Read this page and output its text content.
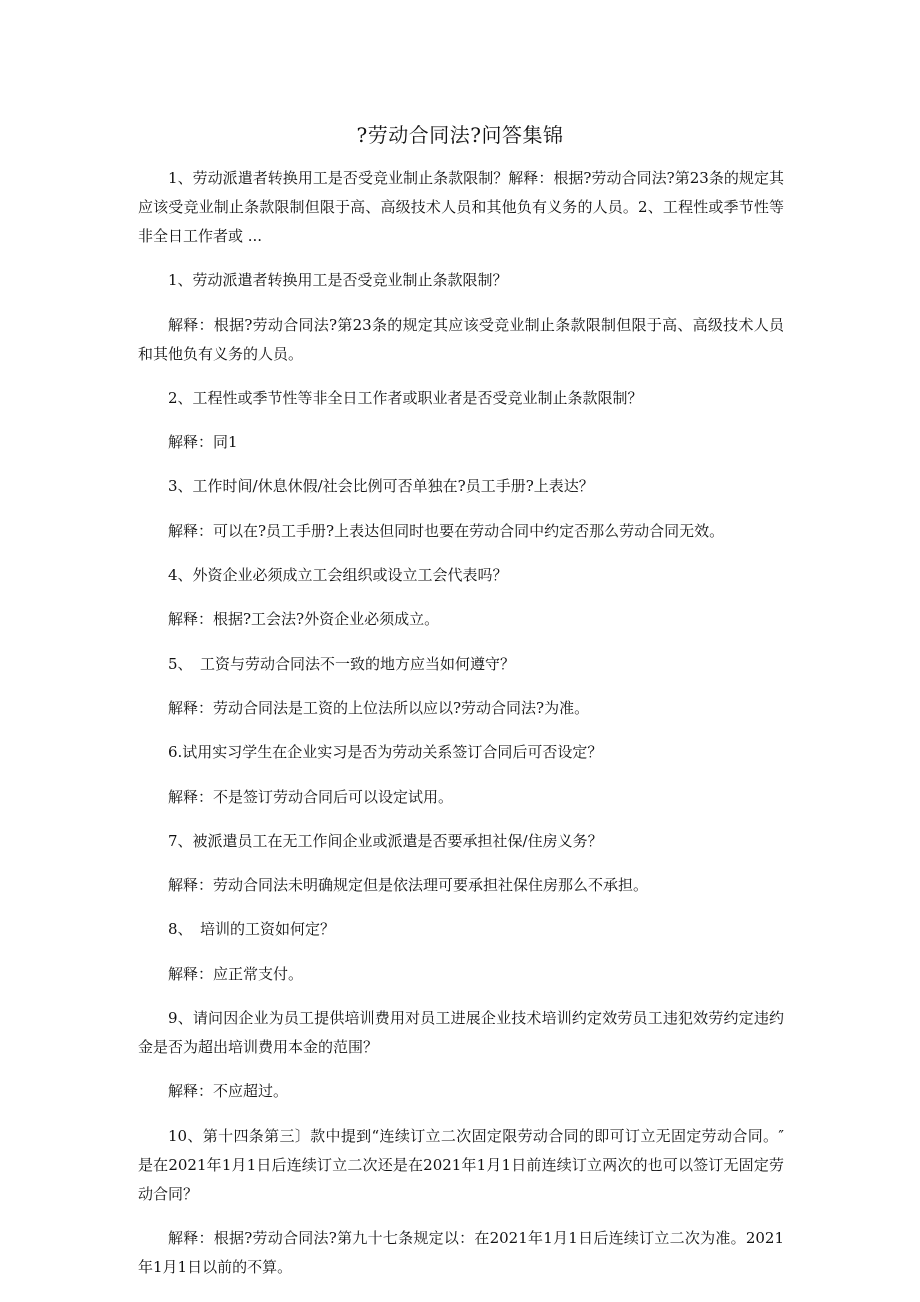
?劳动合同法?问答集锦

1、劳动派遣者转换用工是否受竞业制止条款限制？解释：根据?劳动合同法?第23条的规定其应该受竞业制止条款限制但限于高、高级技术人员和其他负有义务的人员。2、工程性或季节性等非全日工作者或 ...

1、劳动派遣者转换用工是否受竞业制止条款限制？

解释：根据?劳动合同法?第23条的规定其应该受竞业制止条款限制但限于高、高级技术人员和其他负有义务的人员。

2、工程性或季节性等非全日工作者或职业者是否受竞业制止条款限制？

解释：同1

3、工作时间/休息休假/社会比例可否单独在?员工手册?上表达？

解释：可以在?员工手册?上表达但同时也要在劳动合同中约定否那么劳动合同无效。

4、外资企业必须成立工会组织或设立工会代表吗？

解释：根据?工会法?外资企业必须成立。

5、　工资与劳动合同法不一致的地方应当如何遵守？

解释：劳动合同法是工资的上位法所以应以?劳动合同法?为准。

6.试用实习学生在企业实习是否为劳动关系签订合同后可否设定？

解释：不是签订劳动合同后可以设定试用。

7、被派遣员工在无工作间企业或派遣是否要承担社保/住房义务？

解释：劳动合同法未明确规定但是依法理可要承担社保住房那么不承担。

8、　培训的工资如何定？

解释：应正常支付。

9、请问因企业为员工提供培训费用对员工进展企业技术培训约定效劳员工违犯效劳约定违约金是否为超出培训费用本金的范围？

解释：不应超过。

10、第十四条第三〕款中提到“连续订立二次固定限劳动合同的即可订立无固定劳动合同。″是在2021年1月1日后连续订立二次还是在2021年1月1日前连续订立两次的也可以签订无固定劳动合同？

解释：根据?劳动合同法?第九十七条规定以：在2021年1月1日后连续订立二次为准。2021年1月1日以前的不算。
